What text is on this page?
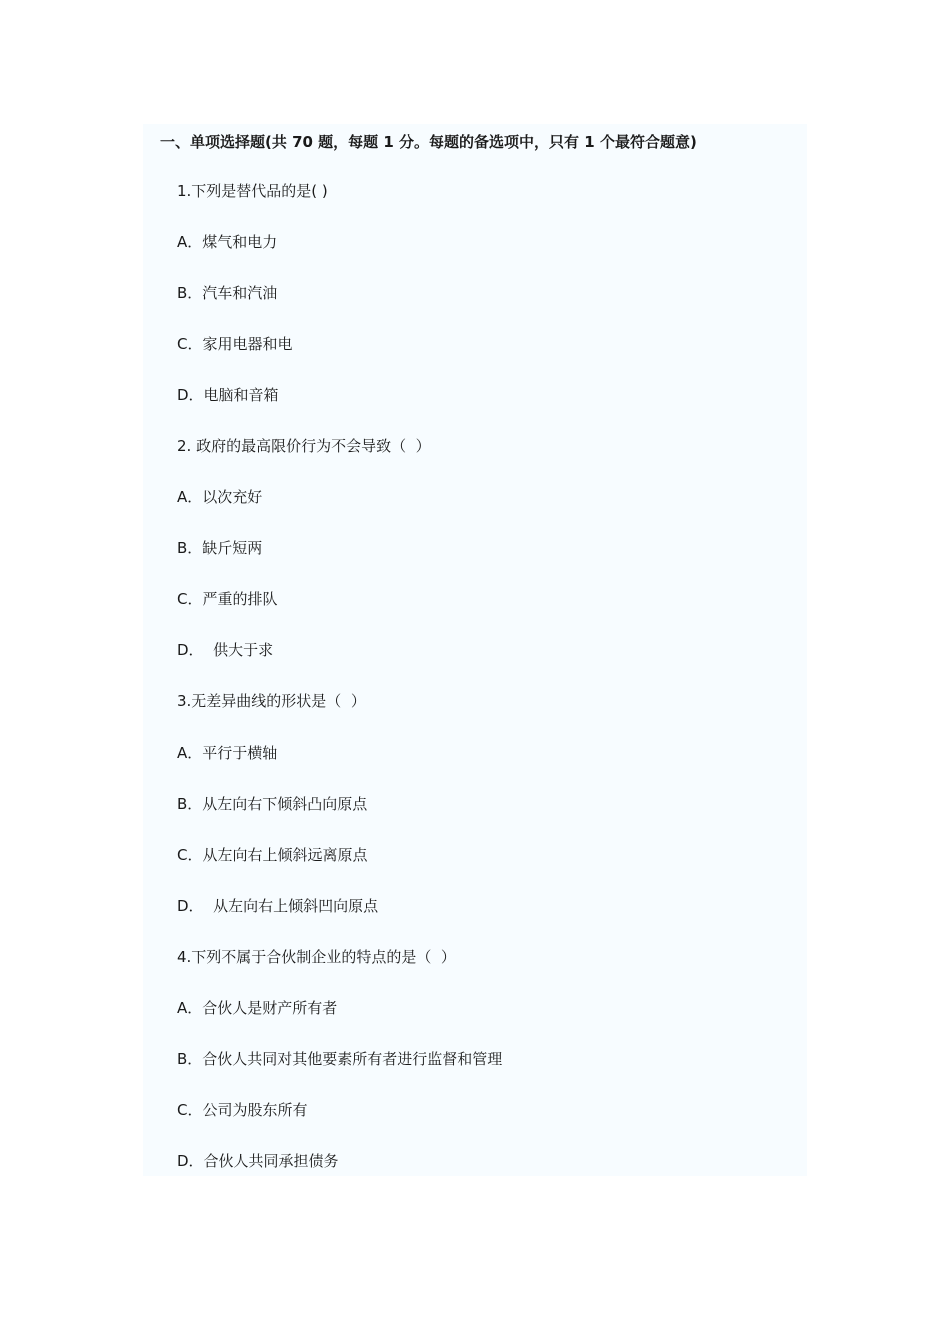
一、单项选择题(共 70 题，每题 1 分。每题的备选项中，只有 1 个最符合题意)
1.下列是替代品的是( )
A．煤气和电力
B．汽车和汽油
C．家用电器和电
D．电脑和音箱
2. 政府的最高限价行为不会导致（  ）
A．以次充好
B．缺斤短两
C．严重的排队
D．  供大于求
3.无差异曲线的形状是（  ）
A．平行于横轴
B．从左向右下倾斜凸向原点
C．从左向右上倾斜远离原点
D．  从左向右上倾斜凹向原点
4.下列不属于合伙制企业的特点的是（  ）
A．合伙人是财产所有者
B．合伙人共同对其他要素所有者进行监督和管理
C．公司为股东所有
D．合伙人共同承担债务
